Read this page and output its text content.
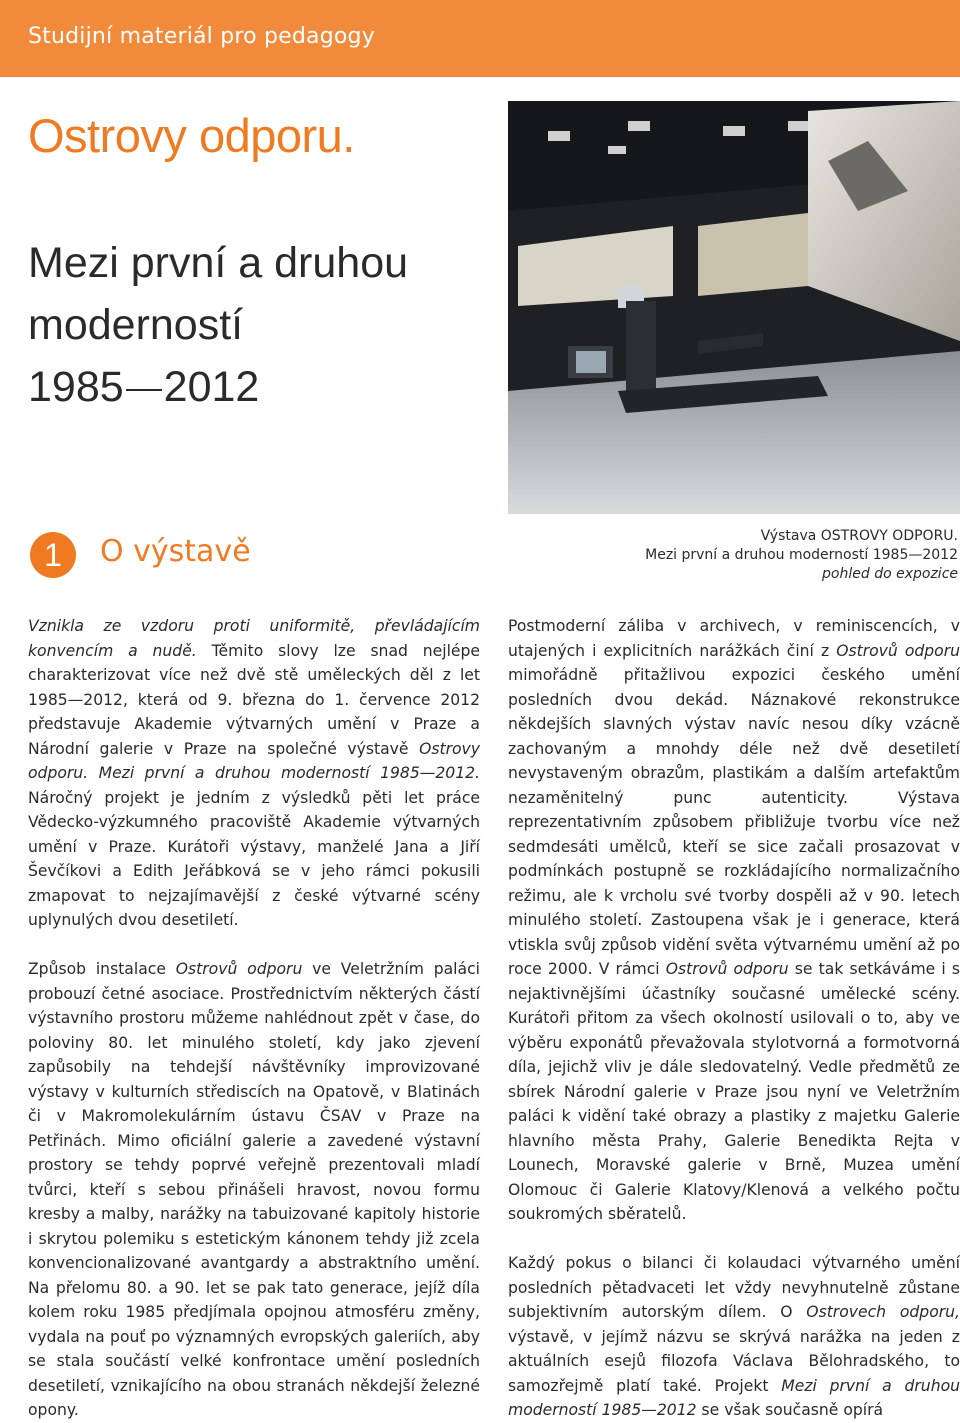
Studijní materiál pro pedagogy
Ostrovy odporu.
Mezi první a druhou
moderností
1985 2012
Výstava OSTROVY ODPORU.
Mezi první a druhou moderností 1985—2012
pohled do expozice
1	O výstavě

Vznikla ze vzdoru proti uniformitě, převládajícím konvencím a nudě. Těmito slovy lze snad nejlépe charakterizovat více než dvě stě uměleckých děl z let 1985—2012, která od 9. března do 1. července 2012 představuje Akademie výtvarných umění v Praze a Národní galerie v Praze na společné výstavě Ostrovy odporu. Mezi první a druhou moderností 1985—2012. Náročný projekt je jedním z výsledků pěti let práce Vědecko-výzkumného pracoviště Akademie výtvarných umění v Praze. Kurátoři výstavy, manželé Jana a Jiří Ševčíkovi a Edith Jeřábková se v jeho rámci pokusili zmapovat to nejzajímavější z české výtvarné scény uplynulých dvou desetiletí.

Způsob instalace Ostrovů odporu ve Veletržním paláci probouzí četné asociace. Prostřednictvím některých částí výstavního prostoru můžeme nahlédnout zpět v čase, do poloviny 80. let minulého století, kdy jako zjevení zapůsobily na tehdejší návštěvníky improvizované výstavy v kulturních střediscích na Opatově, v Blatinách či v Makromolekulárním ústavu ČSAV v Praze na Petřinách. Mimo oficiální galerie a zavedené výstavní prostory se tehdy poprvé veřejně prezentovali mladí tvůrci, kteří s sebou přinášeli hravost, novou formu kresby a malby, narážky na tabuizované kapitoly historie i skrytou polemiku s estetickým kánonem tehdy již zcela konvencionalizované avantgardy a abstraktního umění. Na přelomu 80. a 90. let se pak tato generace, jejíž díla kolem roku 1985 předjímala opojnou atmosféru změny, vydala na pouť po významných evropských galeriích, aby se stala součástí velké konfrontace umění posledních desetiletí, vznikajícího na obou stranách někdejší železné opony.

Postmoderní záliba v archivech, v reminiscencích, v utajených i explicitních narážkách činí z Ostrovů odporu mimořádně přitažlivou expozici českého umění posledních dvou dekád. Náznakové rekonstrukce někdejších slavných výstav navíc nesou díky vzácně zachovaným a mnohdy déle než dvě desetiletí nevystaveným obrazům, plastikám a dalším artefaktům nezaměnitelný punc autenticity. Výstava reprezentativním způsobem přibližuje tvorbu více než sedmdesáti umělců, kteří se sice začali prosazovat v podmínkách postupně se rozkládajícího normalizačního režimu, ale k vrcholu své tvorby dospěli až v 90. letech minulého století. Zastoupena však je i generace, která vtiskla svůj způsob vidění světa výtvarnému umění až po roce 2000. V rámci Ostrovů odporu se tak setkáváme i s nejaktivnějšími účastníky současné umělecké scény. Kurátoři přitom za všech okolností usilovali o to, aby ve výběru exponátů převažovala stylotvorná a formotvorná díla, jejichž vliv je dále sledovatelný. Vedle předmětů ze sbírek Národní galerie v Praze jsou nyní ve Veletržním paláci k vidění také obrazy a plastiky z majetku Galerie hlavního města Prahy, Galerie Benedikta Rejta v Lounech, Moravské galerie v Brně, Muzea umění Olomouc či Galerie Klatovy/Klenová a velkého počtu soukromých sběratelů.

Každý pokus o bilanci či kolaudaci výtvarného umění posledních pětadvaceti let vždy nevyhnutelně zůstane subjektivním autorským dílem. O Ostrovech odporu, výstavě, v jejímž názvu se skrývá narážka na jeden z aktuálních esejů filozofa Václava Bělohradského, to samozřejmě platí také. Projekt Mezi první a druhou moderností 1985—2012 se však současně opírá
